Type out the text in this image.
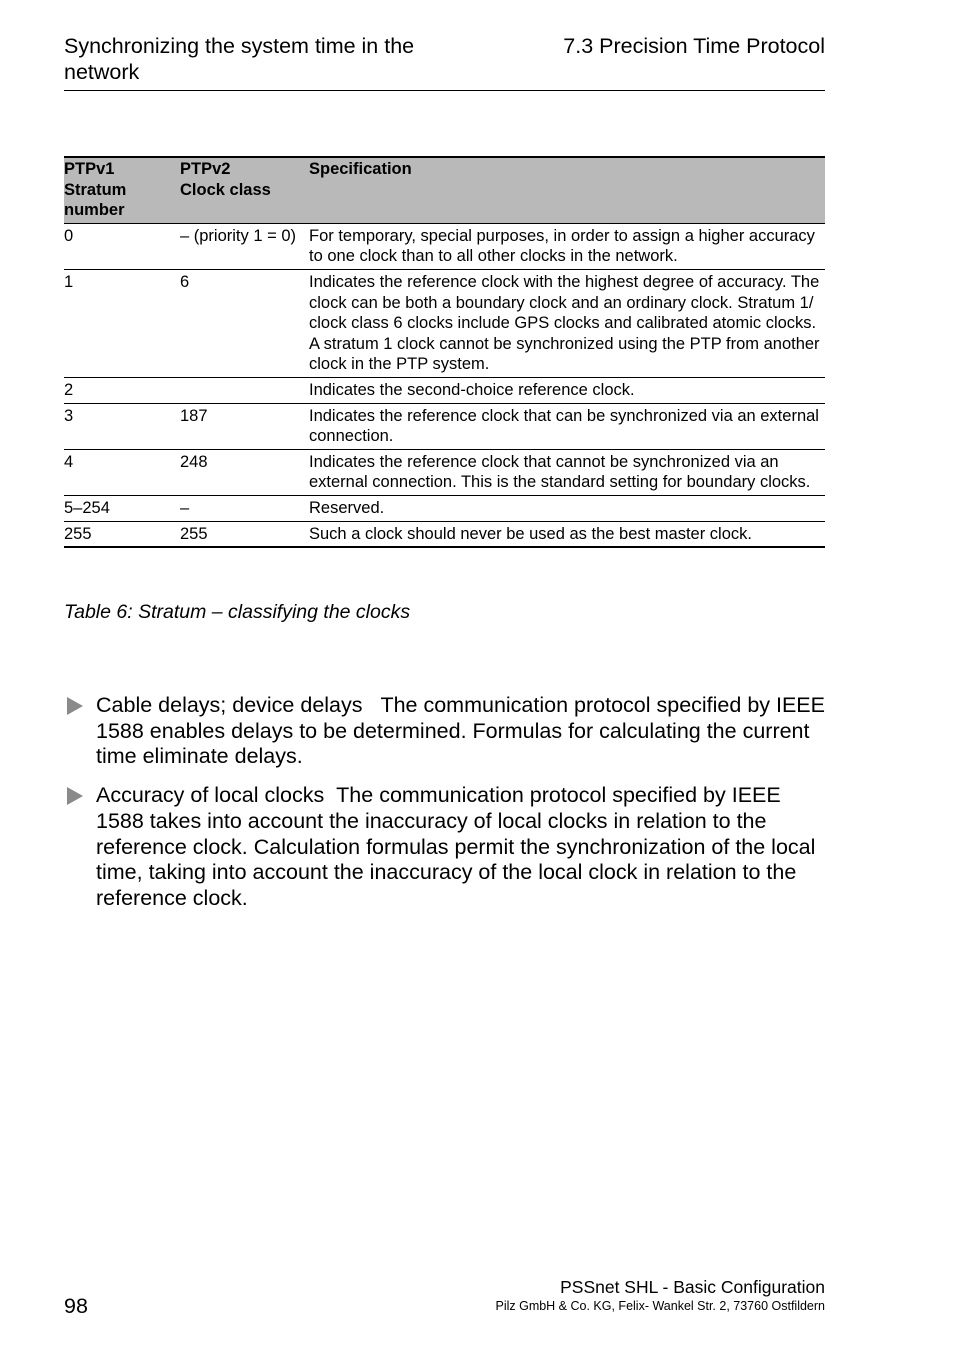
Synchronizing the system time in the network
7.3 Precision Time Protocol
PTPv1 Stratum number	PTPv2 Clock class	Specification
0	– (priority 1 = 0)	For temporary, special purposes, in order to assign a higher accuracy to one clock than to all other clocks in the network.
1	6	Indicates the reference clock with the highest degree of accuracy. The clock can be both a boundary clock and an ordinary clock. Stratum 1/ clock class 6 clocks include GPS clocks and calibrated atomic clocks. A stratum 1 clock cannot be synchronized using the PTP from another clock in the PTP system.
2		Indicates the second-choice reference clock.
3	187	Indicates the reference clock that can be synchronized via an external connection.
4	248	Indicates the reference clock that cannot be synchronized via an external connection. This is the standard setting for boundary clocks.
5–254	–	Reserved.
255	255	Such a clock should never be used as the best master clock.
Table 6: Stratum – classifying the clocks
Cable delays; device delays The communication protocol specified by IEEE 1588 enables delays to be determined. Formulas for calculating the current time eliminate delays.
Accuracy of local clocks The communication protocol specified by IEEE 1588 takes into account the inaccuracy of local clocks in relation to the reference clock. Calculation formulas permit the synchronization of the local time, taking into account the inaccuracy of the local clock in relation to the reference clock.
98
PSSnet SHL - Basic Configuration
Pilz GmbH & Co. KG, Felix- Wankel Str. 2, 73760 Ostfildern
